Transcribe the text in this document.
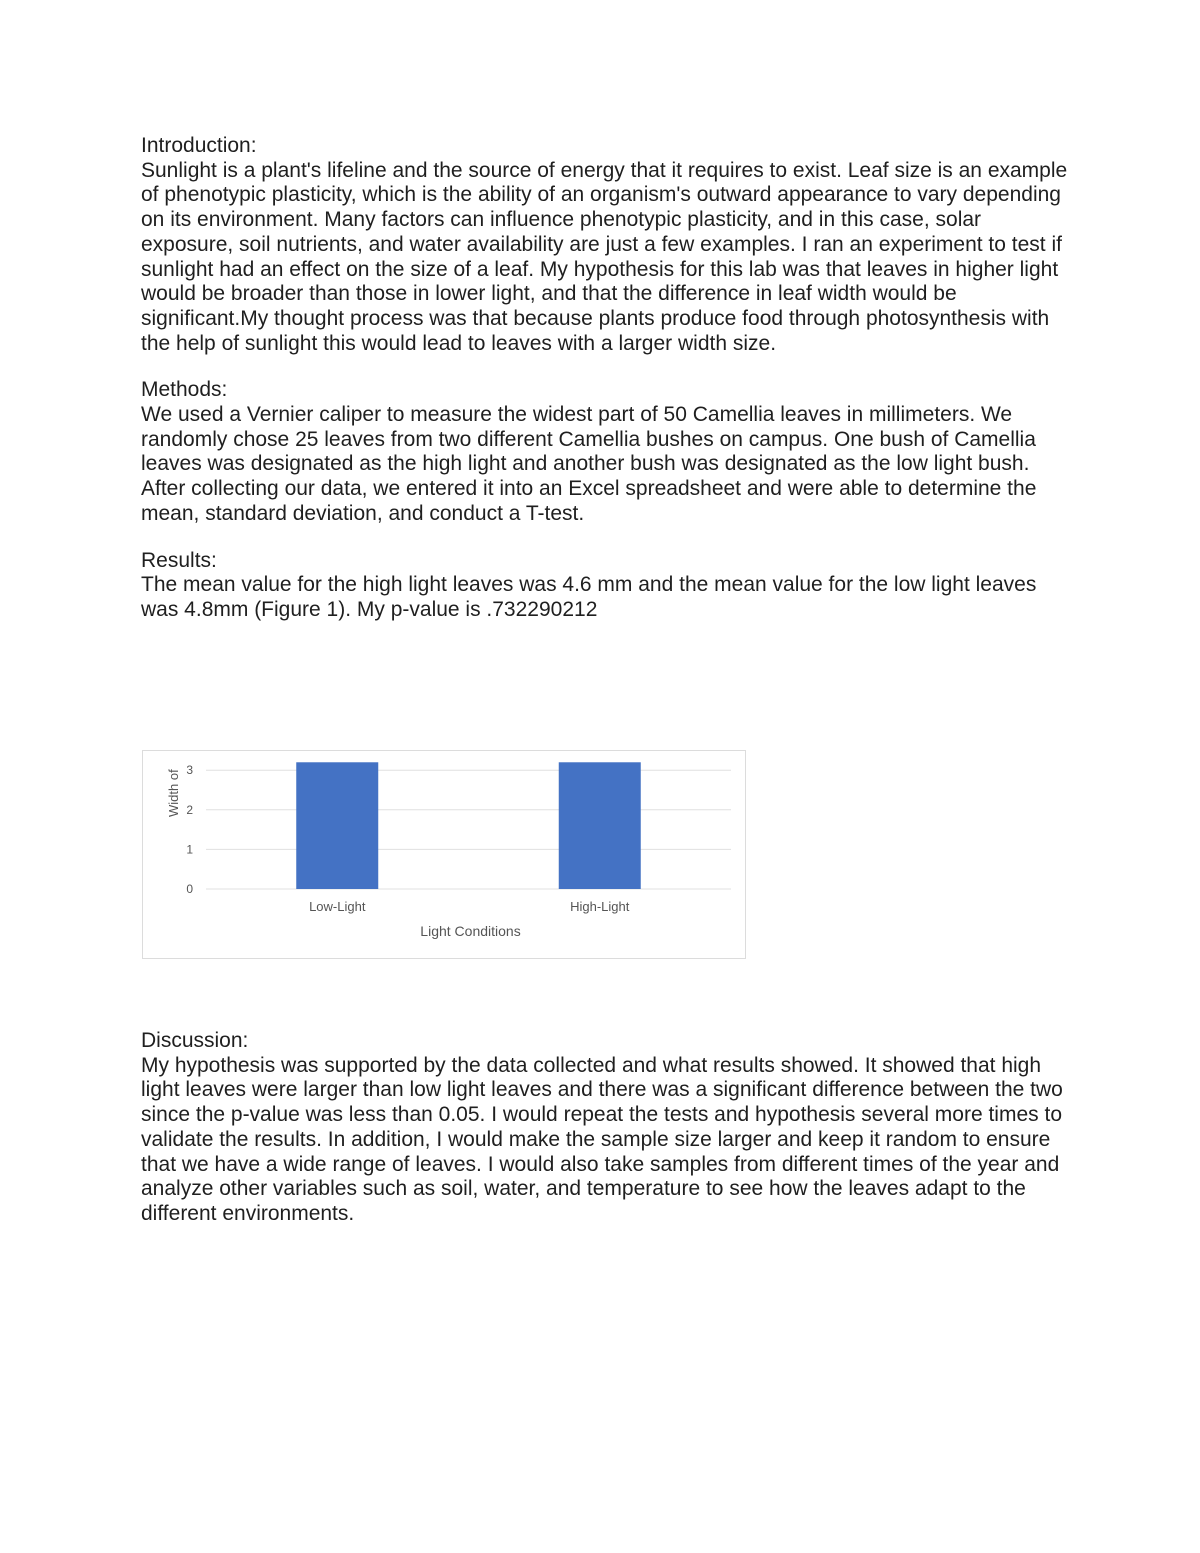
Introduction:

Sunlight is a plant's lifeline and the source of energy that it requires to exist. Leaf size is an example of phenotypic plasticity, which is the ability of an organism's outward appearance to vary depending on its environment. Many factors can influence phenotypic plasticity, and in this case, solar exposure, soil nutrients, and water availability are just a few examples. I ran an experiment to test if sunlight had an effect on the size of a leaf. My hypothesis for this lab was that leaves in higher light would be broader than those in lower light, and that the difference in leaf width would be significant.My thought process was that because plants produce food through photosynthesis with the help of sunlight this would lead to leaves with a larger width size.

Methods:

We used a Vernier caliper to measure the widest part of 50 Camellia leaves in millimeters. We randomly chose 25 leaves from two different Camellia bushes on campus. One bush of Camellia leaves was designated as the high light and another bush was designated as the low light bush. After collecting our data, we entered it into an Excel spreadsheet and were able to determine the mean, standard deviation, and conduct a T-test.

Results:

The mean value for the high light leaves was 4.6 mm and the mean value for the low light leaves was 4.8mm (Figure 1). My p-value is .732290212

0
1
2
3
Low-Light	High-Light
Light Conditions
Width of

Discussion:

My hypothesis was supported by the data collected and what results showed. It showed that high light leaves were larger than low light leaves and there was a significant difference between the two since the p-value was less than 0.05. I would repeat the tests and hypothesis several more times to validate the results. In addition, I would make the sample size larger and keep it random to ensure that we have a wide range of leaves. I would also take samples from different times of the year and analyze other variables such as soil, water, and temperature to see how the leaves adapt to the different environments.
